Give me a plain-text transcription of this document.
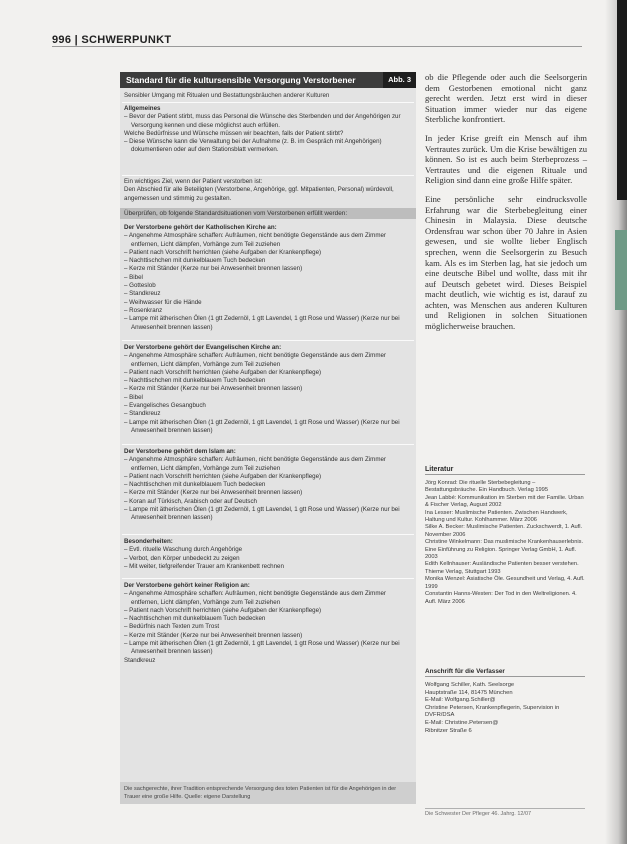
996 | SCHWERPUNKT
Standard für die kultursensible Versorgung Verstorbener	Abb. 3
Sensibler Umgang mit Ritualen und Bestattungsbräuchen anderer Kulturen
Allgemeines
– Bevor der Patient stirbt, muss das Personal die Wünsche des Sterbenden und der Angehörigen zur Versorgung kennen und diese möglichst auch erfüllen.
Welche Bedürfnisse und Wünsche müssen wir beachten, falls der Patient stirbt?
– Diese Wünsche kann die Verwaltung bei der Aufnahme (z. B. im Gespräch mit Angehörigen) dokumentieren oder auf dem Stationsblatt vermerken.
Ein wichtiges Ziel, wenn der Patient verstorben ist:
Den Abschied für alle Beteiligten (Verstorbene, Angehörige, ggf. Mitpatienten, Personal) würdevoll, angemessen und stimmig zu gestalten.
Überprüfen, ob folgende Standardsituationen vom Verstorbenen erfüllt werden:
Der Verstorbene gehört der Katholischen Kirche an:
– Angenehme Atmosphäre schaffen: Aufräumen, nicht benötigte Gegenstände aus dem Zimmer entfernen, Licht dämpfen, Vorhänge zum Teil zuziehen
– Patient nach Vorschrift herrichten (siehe Aufgaben der Krankenpflege)
– Nachttischchen mit dunkelblauem Tuch bedecken
– Kerze mit Ständer (Kerze nur bei Anwesenheit brennen lassen)
– Bibel
– Gotteslob
– Standkreuz
– Weihwasser für die Hände
– Rosenkranz
– Lampe mit ätherischen Ölen (1 gtt Zedernöl, 1 gtt Lavendel, 1 gtt Rose und Wasser) (Kerze nur bei Anwesenheit brennen lassen)
Der Verstorbene gehört der Evangelischen Kirche an:
– Angenehme Atmosphäre schaffen: Aufräumen, nicht benötigte Gegenstände aus dem Zimmer entfernen, Licht dämpfen, Vorhänge zum Teil zuziehen
– Patient nach Vorschrift herrichten (siehe Aufgaben der Krankenpflege)
– Nachttischchen mit dunkelblauem Tuch bedecken
– Kerze mit Ständer (Kerze nur bei Anwesenheit brennen lassen)
– Bibel
– Evangelisches Gesangbuch
– Standkreuz
– Lampe mit ätherischen Ölen (1 gtt Zedernöl, 1 gtt Lavendel, 1 gtt Rose und Wasser) (Kerze nur bei Anwesenheit brennen lassen)
Der Verstorbene gehört dem Islam an:
– Angenehme Atmosphäre schaffen: Aufräumen, nicht benötigte Gegenstände aus dem Zimmer entfernen, Licht dämpfen, Vorhänge zum Teil zuziehen
– Patient nach Vorschrift herrichten (siehe Aufgaben der Krankenpflege)
– Nachttischchen mit dunkelblauem Tuch bedecken
– Kerze mit Ständer (Kerze nur bei Anwesenheit brennen lassen)
– Koran auf Türkisch, Arabisch oder auf Deutsch
– Lampe mit ätherischen Ölen (1 gtt Zedernöl, 1 gtt Lavendel, 1 gtt Rose und Wasser) (Kerze nur bei Anwesenheit brennen lassen)
Besonderheiten:
– Evtl. rituelle Waschung durch Angehörige
– Verbot, den Körper unbedeckt zu zeigen
– Mit weiter, tiefgreifender Trauer am Krankenbett rechnen
Der Verstorbene gehört keiner Religion an:
– Angenehme Atmosphäre schaffen: Aufräumen, nicht benötigte Gegenstände aus dem Zimmer entfernen, Licht dämpfen, Vorhänge zum Teil zuziehen
– Patient nach Vorschrift herrichten (siehe Aufgaben der Krankenpflege)
– Nachttischchen mit dunkelblauem Tuch bedecken
– Bedürfnis nach Texten zum Trost
– Kerze mit Ständer (Kerze nur bei Anwesenheit brennen lassen)
– Lampe mit ätherischen Ölen (1 gtt Zedernöl, 1 gtt Lavendel, 1 gtt Rose und Wasser) (Kerze nur bei Anwesenheit brennen lassen)
Standkreuz
Die sachgerechte, ihrer Tradition entsprechende Versorgung des toten Patienten ist für die Angehörigen in der Trauer eine große Hilfe. Quelle: eigene Darstellung

ob die Pflegende oder auch die Seelsorgerin dem Gestorbenen emotional nicht ganz gerecht werden. Jetzt erst wird in dieser Situation immer wieder nur das eigene Sterbliche konfrontiert.

In jeder Krise greift ein Mensch auf ihm Vertrautes zurück. Um die Krise bewältigen zu können. So ist es auch beim Sterbeprozess – Vertrautes und die eigenen Rituale und Religion sind dann eine große Hilfe später.

Eine persönliche sehr eindrucksvolle Erfahrung war die Sterbebegleitung einer Chinesin in Malaysia. Diese deutsche Ordensfrau war schon über 70 Jahre in Asien gewesen, und sie wollte lieber Englisch sprechen, wenn die Seelsorgerin zu Besuch kam. Als es im Sterben lag, hat sie jedoch um eine deutsche Bibel und wollte, dass mit ihr auf Deutsch gebetet wird. Dieses Beispiel macht deutlich, wie wichtig es ist, darauf zu achten, was Menschen aus anderen Kulturen und Religionen in solchen Situationen möglicherweise brauchen.

Literatur
Jörg Konrad: Die rituelle Sterbebegleitung – Bestattungsbräuche. Ein Handbuch. Verlag 1995
Jean Labbé: Kommunikation im Sterben mit der Familie. Urban & Fischer Verlag, August 2002
Ina Lesser: Muslimische Patienten. Zwischen Handwerk, Haltung und Kultur. Kohlhammer. März 2006
Silke A. Becker: Muslimische Patienten. Zuckschwerdt, 1. Aufl. November 2006
Christine Winkelmann: Das muslimische Krankenhauserlebnis. Eine Einführung zu Religion. Springer Verlag GmbH, 1. Aufl. 2003
Edith Kellnhauser: Ausländische Patienten besser verstehen. Thieme Verlag, Stuttgart 1993
Monika Wenzel: Asiatische Öle. Gesundheit und Verlag, 4. Aufl. 1999
Constantin Hanns-Westen: Der Tod in den Weltreligionen. 4. Aufl. März 2006
Anschrift für die Verfasser
Wolfgang Schiller, Kath. Seelsorge
Hauptstraße 114, 81475 München
E-Mail: Wolfgang.Schiller@
Christine Petersen, Krankenpflegerin, Supervision in DVFR/DSA
E-Mail: Christine.Petersen@
Ribnitzer Straße 6
Die Schwester Der Pfleger 46. Jahrg. 12/07
